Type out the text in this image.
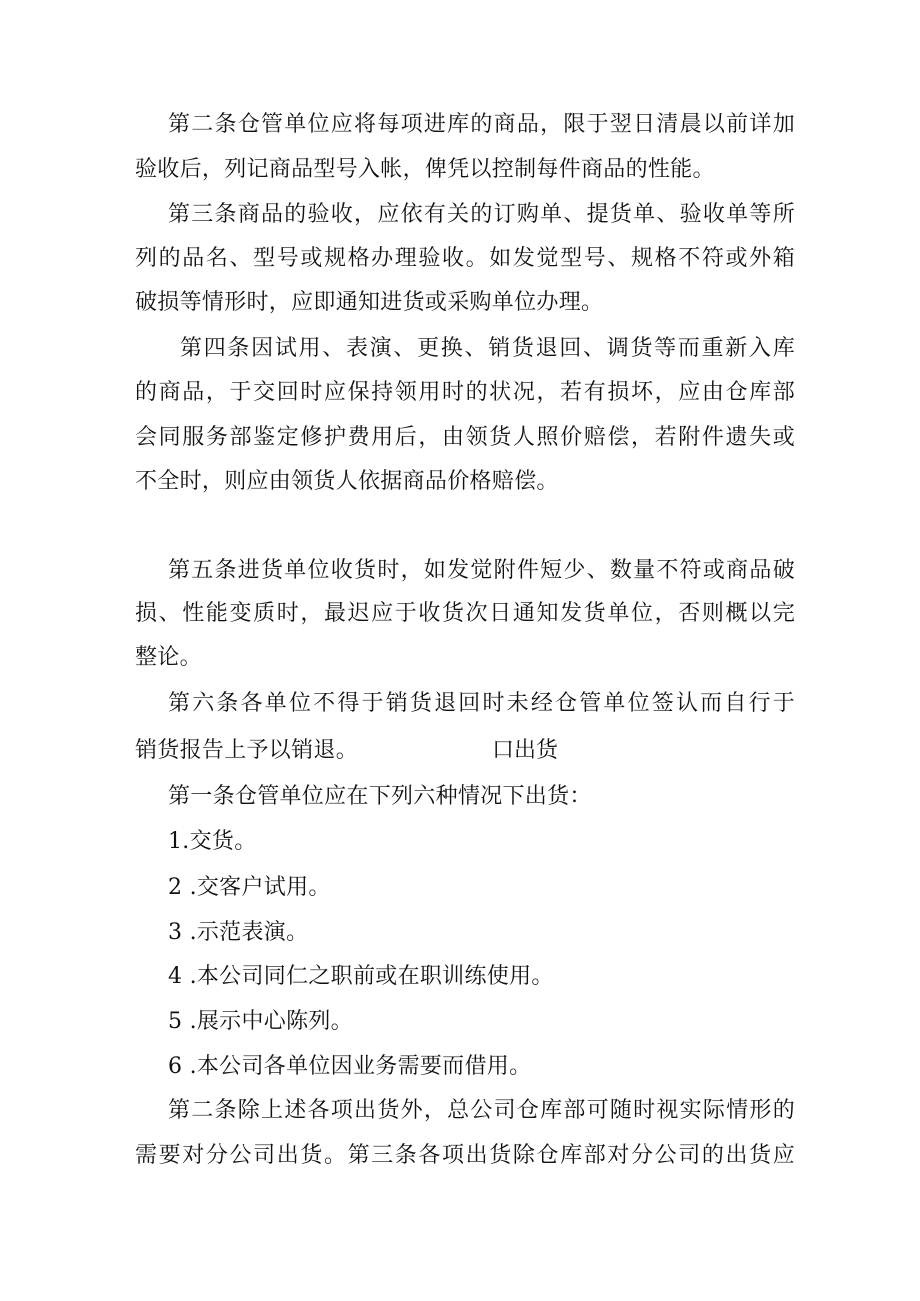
第二条仓管单位应将每项进库的商品，限于翌日清晨以前详加
验收后，列记商品型号入帐，俾凭以控制每件商品的性能。
第三条商品的验收，应依有关的订购单、提货单、验收单等所
列的品名、型号或规格办理验收。如发觉型号、规格不符或外箱
破损等情形时，应即通知进货或采购单位办理。
第四条因试用、表演、更换、销货退回、调货等而重新入库
的商品，于交回时应保持领用时的状况，若有损坏，应由仓库部
会同服务部鉴定修护费用后，由领货人照价赔偿，若附件遗失或
不全时，则应由领货人依据商品价格赔偿。
第五条进货单位收货时，如发觉附件短少、数量不符或商品破
损、性能变质时，最迟应于收货次日通知发货单位，否则概以完
整论。
第六条各单位不得于销货退回时未经仓管单位签认而自行于
销货报告上予以销退。	口出货
第一条仓管单位应在下列六种情况下出货：
1.交货。
2 .交客户试用。
3 .示范表演。
4 .本公司同仁之职前或在职训练使用。
5 .展示中心陈列。
6 .本公司各单位因业务需要而借用。
第二条除上述各项出货外，总公司仓库部可随时视实际情形的
需要对分公司出货。第三条各项出货除仓库部对分公司的出货应
